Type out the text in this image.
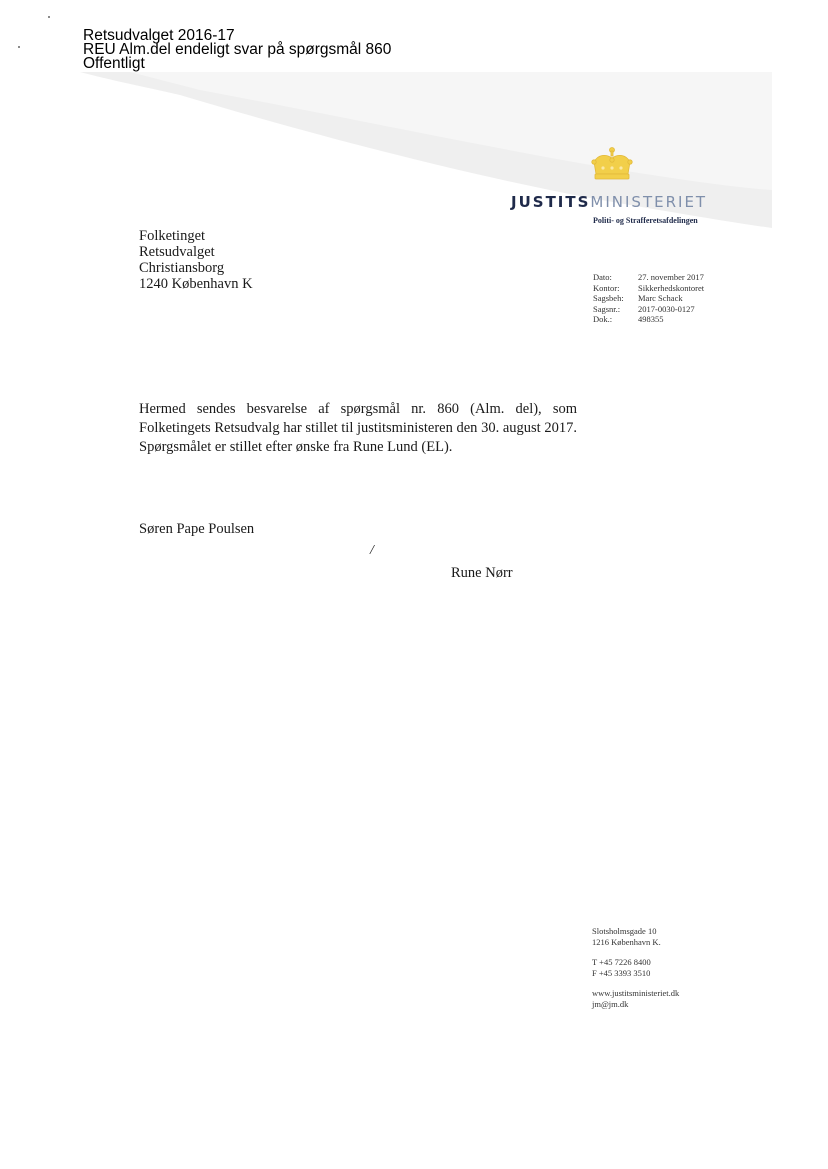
Retsudvalget 2016-17
REU Alm.del endeligt svar på spørgsmål 860
Offentligt
JUSTITSMINISTERIET
Politi- og Strafferetsafdelingen

Folketinget

Retsudvalget

Christiansborg

1240 København K	Dato:	27. november 2017
Kontor:	Sikkerhedskontoret
Sagsbeh:	Marc Schack
Sagsnr.:	2017-0030-0127
Dok.:	498355

Hermed sendes besvarelse af spørgsmål nr. 860 (Alm. del), som Folketingets Retsudvalg har stillet til justitsministeren den 30. august 2017. Spørgsmålet er stillet efter ønske fra Rune Lund (EL).

Søren Pape Poulsen
/
Rune Nørr

Slotsholmsgade 10

1216 København K.

T +45 7226 8400

F +45 3393 3510

www.justitsministeriet.dk

jm@jm.dk
